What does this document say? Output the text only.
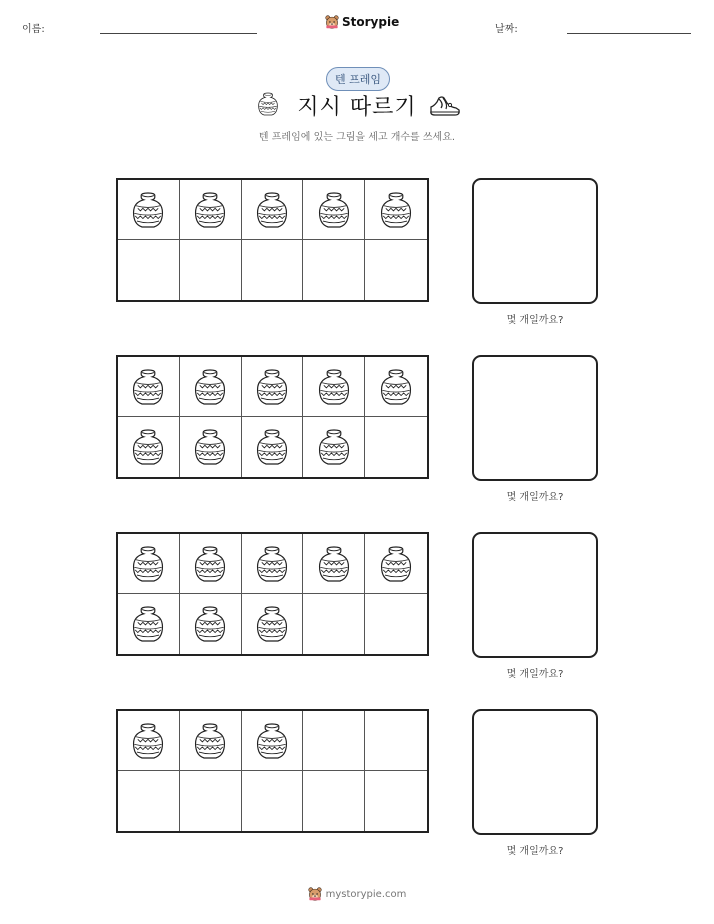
이름:
Storypie
날짜:
텐 프레임
지시 따르기
텐 프레임에 있는 그림을 세고 개수를 쓰세요.
몇 개일까요?
몇 개일까요?
몇 개일까요?
몇 개일까요?
mystorypie.com
